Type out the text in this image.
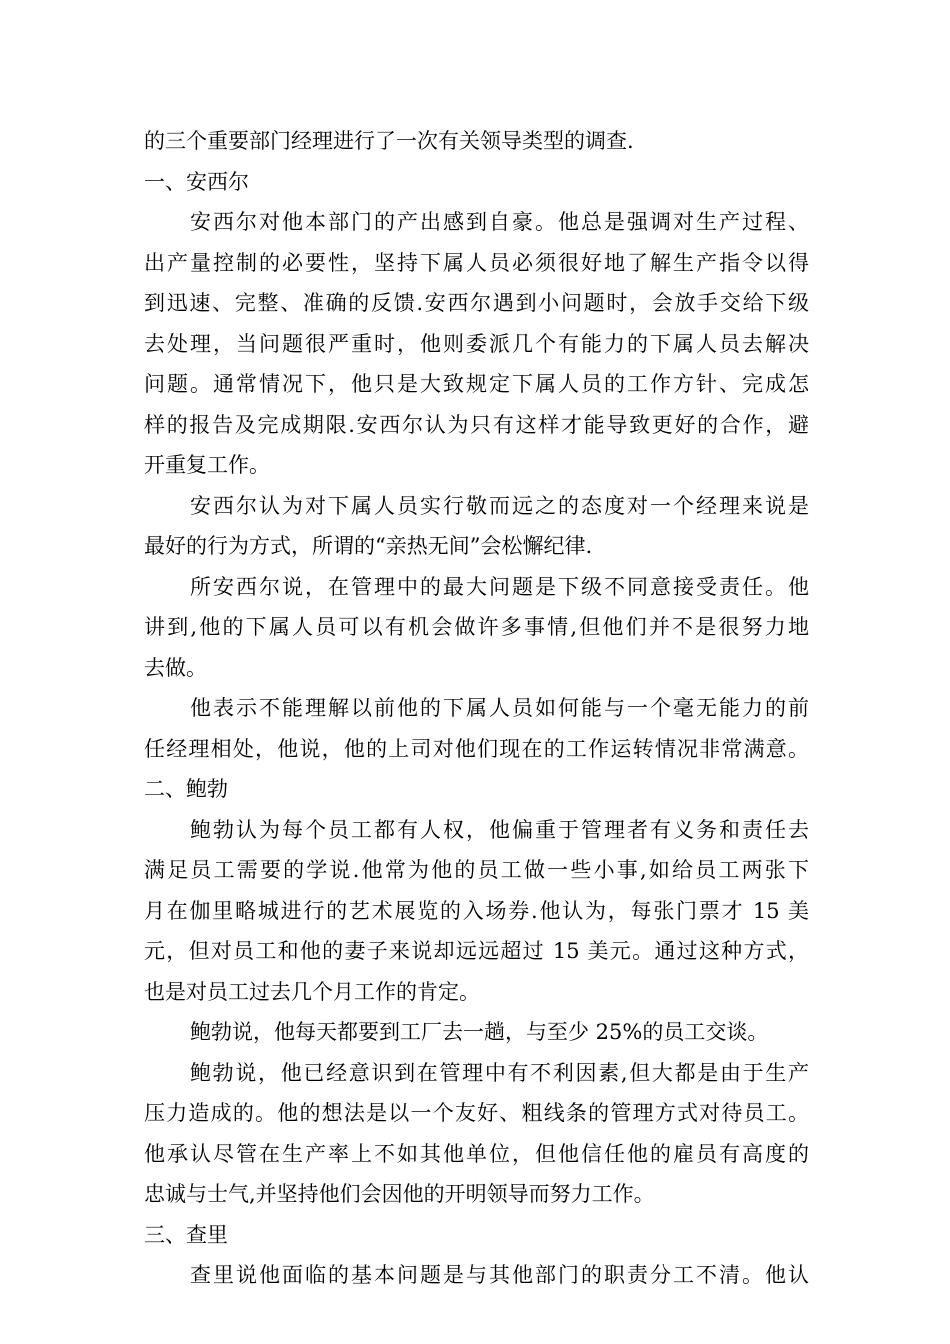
的三个重要部门经理进行了一次有关领导类型的调查.
一、安西尔
安西尔对他本部门的产出感到自豪。他总是强调对生产过程、
出产量控制的必要性，坚持下属人员必须很好地了解生产指令以得
到迅速、完整、准确的反馈.安西尔遇到小问题时，会放手交给下级
去处理，当问题很严重时，他则委派几个有能力的下属人员去解决
问题。通常情况下，他只是大致规定下属人员的工作方针、完成怎
样的报告及完成期限.安西尔认为只有这样才能导致更好的合作，避
开重复工作。
安西尔认为对下属人员实行敬而远之的态度对一个经理来说是
最好的行为方式，所谓的“亲热无间”会松懈纪律.
所安西尔说，在管理中的最大问题是下级不同意接受责任。他
讲到,他的下属人员可以有机会做许多事情,但他们并不是很努力地
去做。
他表示不能理解以前他的下属人员如何能与一个毫无能力的前
任经理相处，他说，他的上司对他们现在的工作运转情况非常满意。
二、鲍勃
鲍勃认为每个员工都有人权，他偏重于管理者有义务和责任去
满足员工需要的学说.他常为他的员工做一些小事,如给员工两张下
月在伽里略城进行的艺术展览的入场券.他认为，每张门票才 15 美
元，但对员工和他的妻子来说却远远超过 15 美元。通过这种方式，
也是对员工过去几个月工作的肯定。
鲍勃说，他每天都要到工厂去一趟，与至少 25%的员工交谈。
鲍勃说，他已经意识到在管理中有不利因素,但大都是由于生产
压力造成的。他的想法是以一个友好、粗线条的管理方式对待员工。
他承认尽管在生产率上不如其他单位，但他信任他的雇员有高度的
忠诚与士气,并坚持他们会因他的开明领导而努力工作。
三、查里
查里说他面临的基本问题是与其他部门的职责分工不清。他认
